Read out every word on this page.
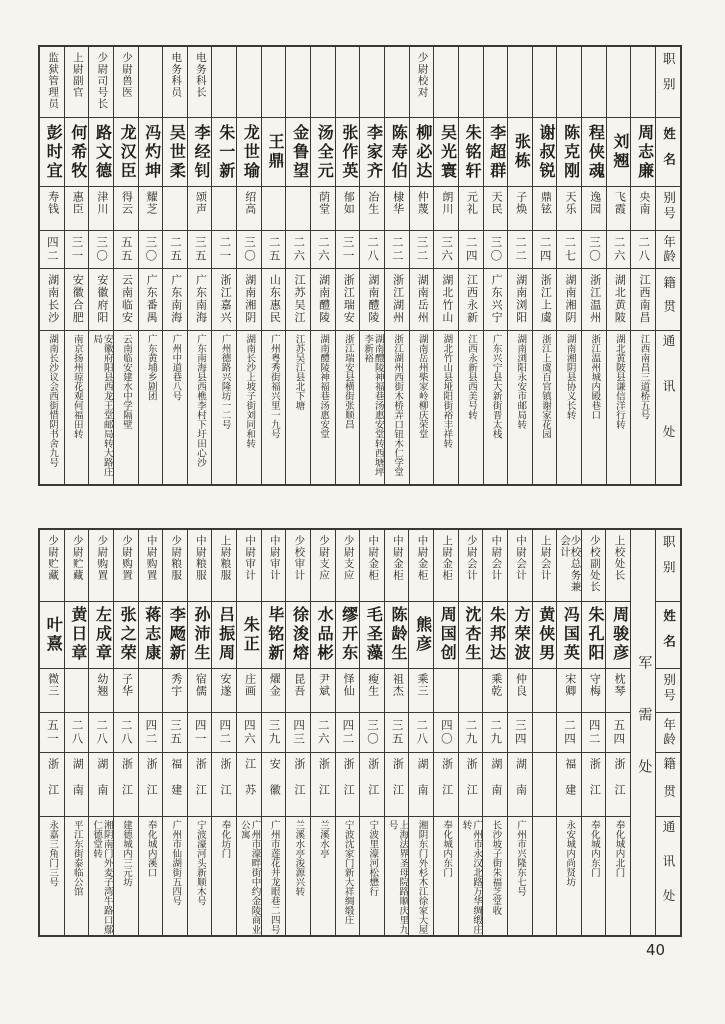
监狱管理员
彭时宜
寿钱
四二
湖南长沙
湖南长沙议会西街惜阴书舍九号
上尉副官
何希牧
惠臣
三一
安徽合肥
南京扬州琼花观何福田转
少尉司号长
路文德
津川
三〇
安徽府阳
安徽府阳县西龙王堂邮局转大路庄局
少尉兽医
龙汉臣
得云
五五
云南临安
云南临安建水中学隔壁
冯灼坤
耀芝
三〇
广东番禺
广东黄埔乡剧团
电务科员
吴世柔
二五
广东南海
广州中道巷八号
电务科长
李经钊
颂声
三五
广东南海
广东南海县西樵李村下圩田心沙
朱一新
二一
浙江嘉兴
广州德路兴隆坊一二号
龙世瑜
绍高
三〇
湖南湘阴
湖南长沙上坡子街刘同和转
王鼎
二五
山东惠民
广州粤秀街福兴里一九号
金鲁望
二六
江苏吴江
江苏吴江县北下塘
汤全元
荫堂
二六
湖南醴陵
湖南醴陵神福巷汤惠安堂
张作英
郁如
三一
浙江瑞安
浙江瑞安县横街张顺昌
李家齐
冶生
二八
湖南醴陵
湖南醴陵神福巷汤惠安堂转西塘坪李新裕
陈寿伯
棣华
二二
浙江湖州
浙江湖州西街木桥弄口钮木仁学堂
少尉校对
柳必达
仲蔑
三二
湖南岳州
湖南岳州柴家岭柳庆荣堂
吴光寰
朗川
三六
湖北竹山
湖北竹山县垭阳街裕丰祥转
朱铭轩
元礼
二四
江西永新
江西永新县西美号转
李超群
天民
三〇
广东兴宁
广东兴宁县大新街晋太栈
张栋
子焕
二二
湖南浏阳
湖南浏阳永安市邮局转
谢叔锐
鼎铉
二四
浙江上虞
浙江上虞百官镇谢家花园
陈克刚
天乐
二七
湖南湘阴
湖南湘阴县协义长转
程侠魂
逸园
三〇
浙江温州
浙江温州城内殿巷口
刘翘
飞霞
二六
湖北黄陂
湖北黄陂县谦信洋行转
周志廉
央南
二八
江西南昌
江西南昌三道桥五号
职别
姓名
别号
年龄
籍贯
通讯处
少尉贮藏
叶熹
微三
五一
浙江
永嘉三角门三号
少尉贮藏
黄日章
二八
湖南
平江东街泰临公馆
少尉购置
左成章
幼翘
二八
湖南
湘阴南门外麦子湾牛路口鄢仁德堂转
少尉购置
张之荣
子华
二八
浙江
建德城内三元坊
中尉购置
蒋志康
四二
浙江
奉化城内溪口
少尉粮服
李飏新
秀宇
三五
福建
广州市仙湖街五四号
中尉粮服
孙沛生
宿儒
四一
浙江
宁波濠河头新顺木号
上尉粮服
吕振周
安遂
四二
浙江
奉化坊门
中尉审计
朱正
庄画
四六
江苏
广州市濠畔街中约金陵商业公寓
中尉审计
毕铭新
燿金
三九
安徽
广州市莲花井龙眼巷二四号
少校审计
徐浚熔
昆吾
四三
浙江
兰溪水亭浚源兴转
少尉支应
水品彬
尹斌
二六
浙江
兰溪水亭
少尉支应
缪开东
怿仙
四二
浙江
宁波沈家门新大祥绸缎庄
中尉金柜
毛圣藻
瘦生
三〇
浙江
宁波里濠河松懋行
中尉金柜
陈龄生
祖杰
三五
浙江
上海法界圣母院路顺庆里九号
中尉金柜
熊彦
乘三
二八
湖南
湘阴东门外杉木江徐家大屋
上尉金柜
周国创
四〇
浙江
奉化城内东门
少尉会计
沈杏生
二九
浙江
广州市永汉北路万华绸缎庄转
中尉会计
朱邦达
乘乾
二九
湖南
长沙坡子街朱福芝堂收
中尉会计
方荣波
仲良
三四
湖南
广州市兴隆东七号
上尉会计
黄侠男
少校总务兼会计
冯国英
宋卿
二四
福建
永安城内尚贤坊
少校副处长
朱孔阳
守梅
四二
浙江
奉化城内东门
上校处长
周骏彦
枕琴
五四
浙江
奉化城内北门
军需处
职别
姓名
别号
年龄
籍贯
通讯处
40
